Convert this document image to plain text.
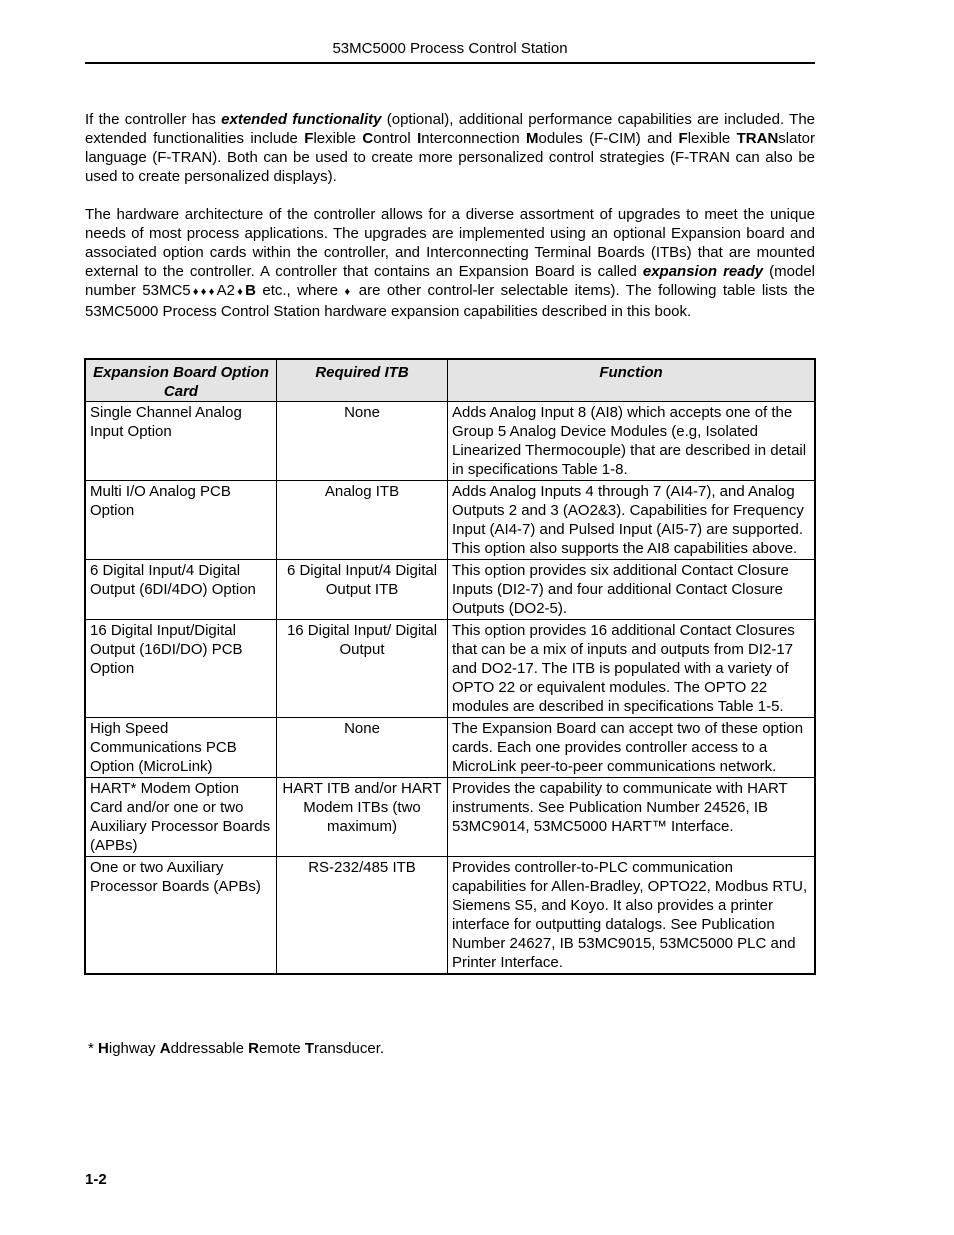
53MC5000 Process Control Station

If the controller has extended functionality (optional), additional performance capabilities are included. The extended functionalities include Flexible Control Interconnection Modules (F-CIM) and Flexible TRANslator language (F-TRAN). Both can be used to create more personalized control strategies (F-TRAN can also be used to create personalized displays).

The hardware architecture of the controller allows for a diverse assortment of upgrades to meet the unique needs of most process applications. The upgrades are implemented using an optional Expansion board and associated option cards within the controller, and Interconnecting Terminal Boards (ITBs) that are mounted external to the controller. A controller that contains an Expansion Board is called expansion ready (model number 53MC5♦♦♦A2♦B etc., where ♦ are other control-ler selectable items). The following table lists the 53MC5000 Process Control Station hardware expansion capabilities described in this book.

Expansion Board Option Card	Required ITB	Function
Single Channel Analog Input Option	None	Adds Analog Input 8 (AI8) which accepts one of the Group 5 Analog Device Modules (e.g, Isolated Linearized Thermocouple) that are described in detail in specifications Table 1-8.
Multi I/O Analog PCB Option	Analog ITB	Adds Analog Inputs 4 through 7 (AI4-7), and Analog Outputs 2 and 3 (AO2&3). Capabilities for Frequency Input (AI4-7) and Pulsed Input (AI5-7) are supported. This option also supports the AI8 capabilities above.
6 Digital Input/4 Digital Output (6DI/4DO) Option	6 Digital Input/4 Digital Output ITB	This option provides six additional Contact Closure Inputs (DI2-7) and four additional Contact Closure Outputs (DO2-5).
16 Digital Input/Digital Output (16DI/DO) PCB Option	16 Digital Input/ Digital Output	This option provides 16 additional Contact Closures that can be a mix of inputs and outputs from DI2-17 and DO2-17. The ITB is populated with a variety of OPTO 22 or equivalent modules. The OPTO 22 modules are described in specifications Table 1-5.
High Speed Communications PCB Option (MicroLink)	None	The Expansion Board can accept two of these option cards. Each one provides controller access to a MicroLink peer-to-peer communications network.
HART* Modem Option Card and/or one or two Auxiliary Processor Boards (APBs)	HART ITB and/or HART Modem ITBs (two maximum)	Provides the capability to communicate with HART instruments. See Publication Number 24526, IB 53MC9014, 53MC5000 HART™ Interface.
One or two Auxiliary Processor Boards (APBs)	RS-232/485 ITB	Provides controller-to-PLC communication capabilities for Allen-Bradley, OPTO22, Modbus RTU, Siemens S5, and Koyo. It also provides a printer interface for outputting datalogs. See Publication Number 24627, IB 53MC9015, 53MC5000 PLC and Printer Interface.
* Highway Addressable Remote Transducer.
1-2
